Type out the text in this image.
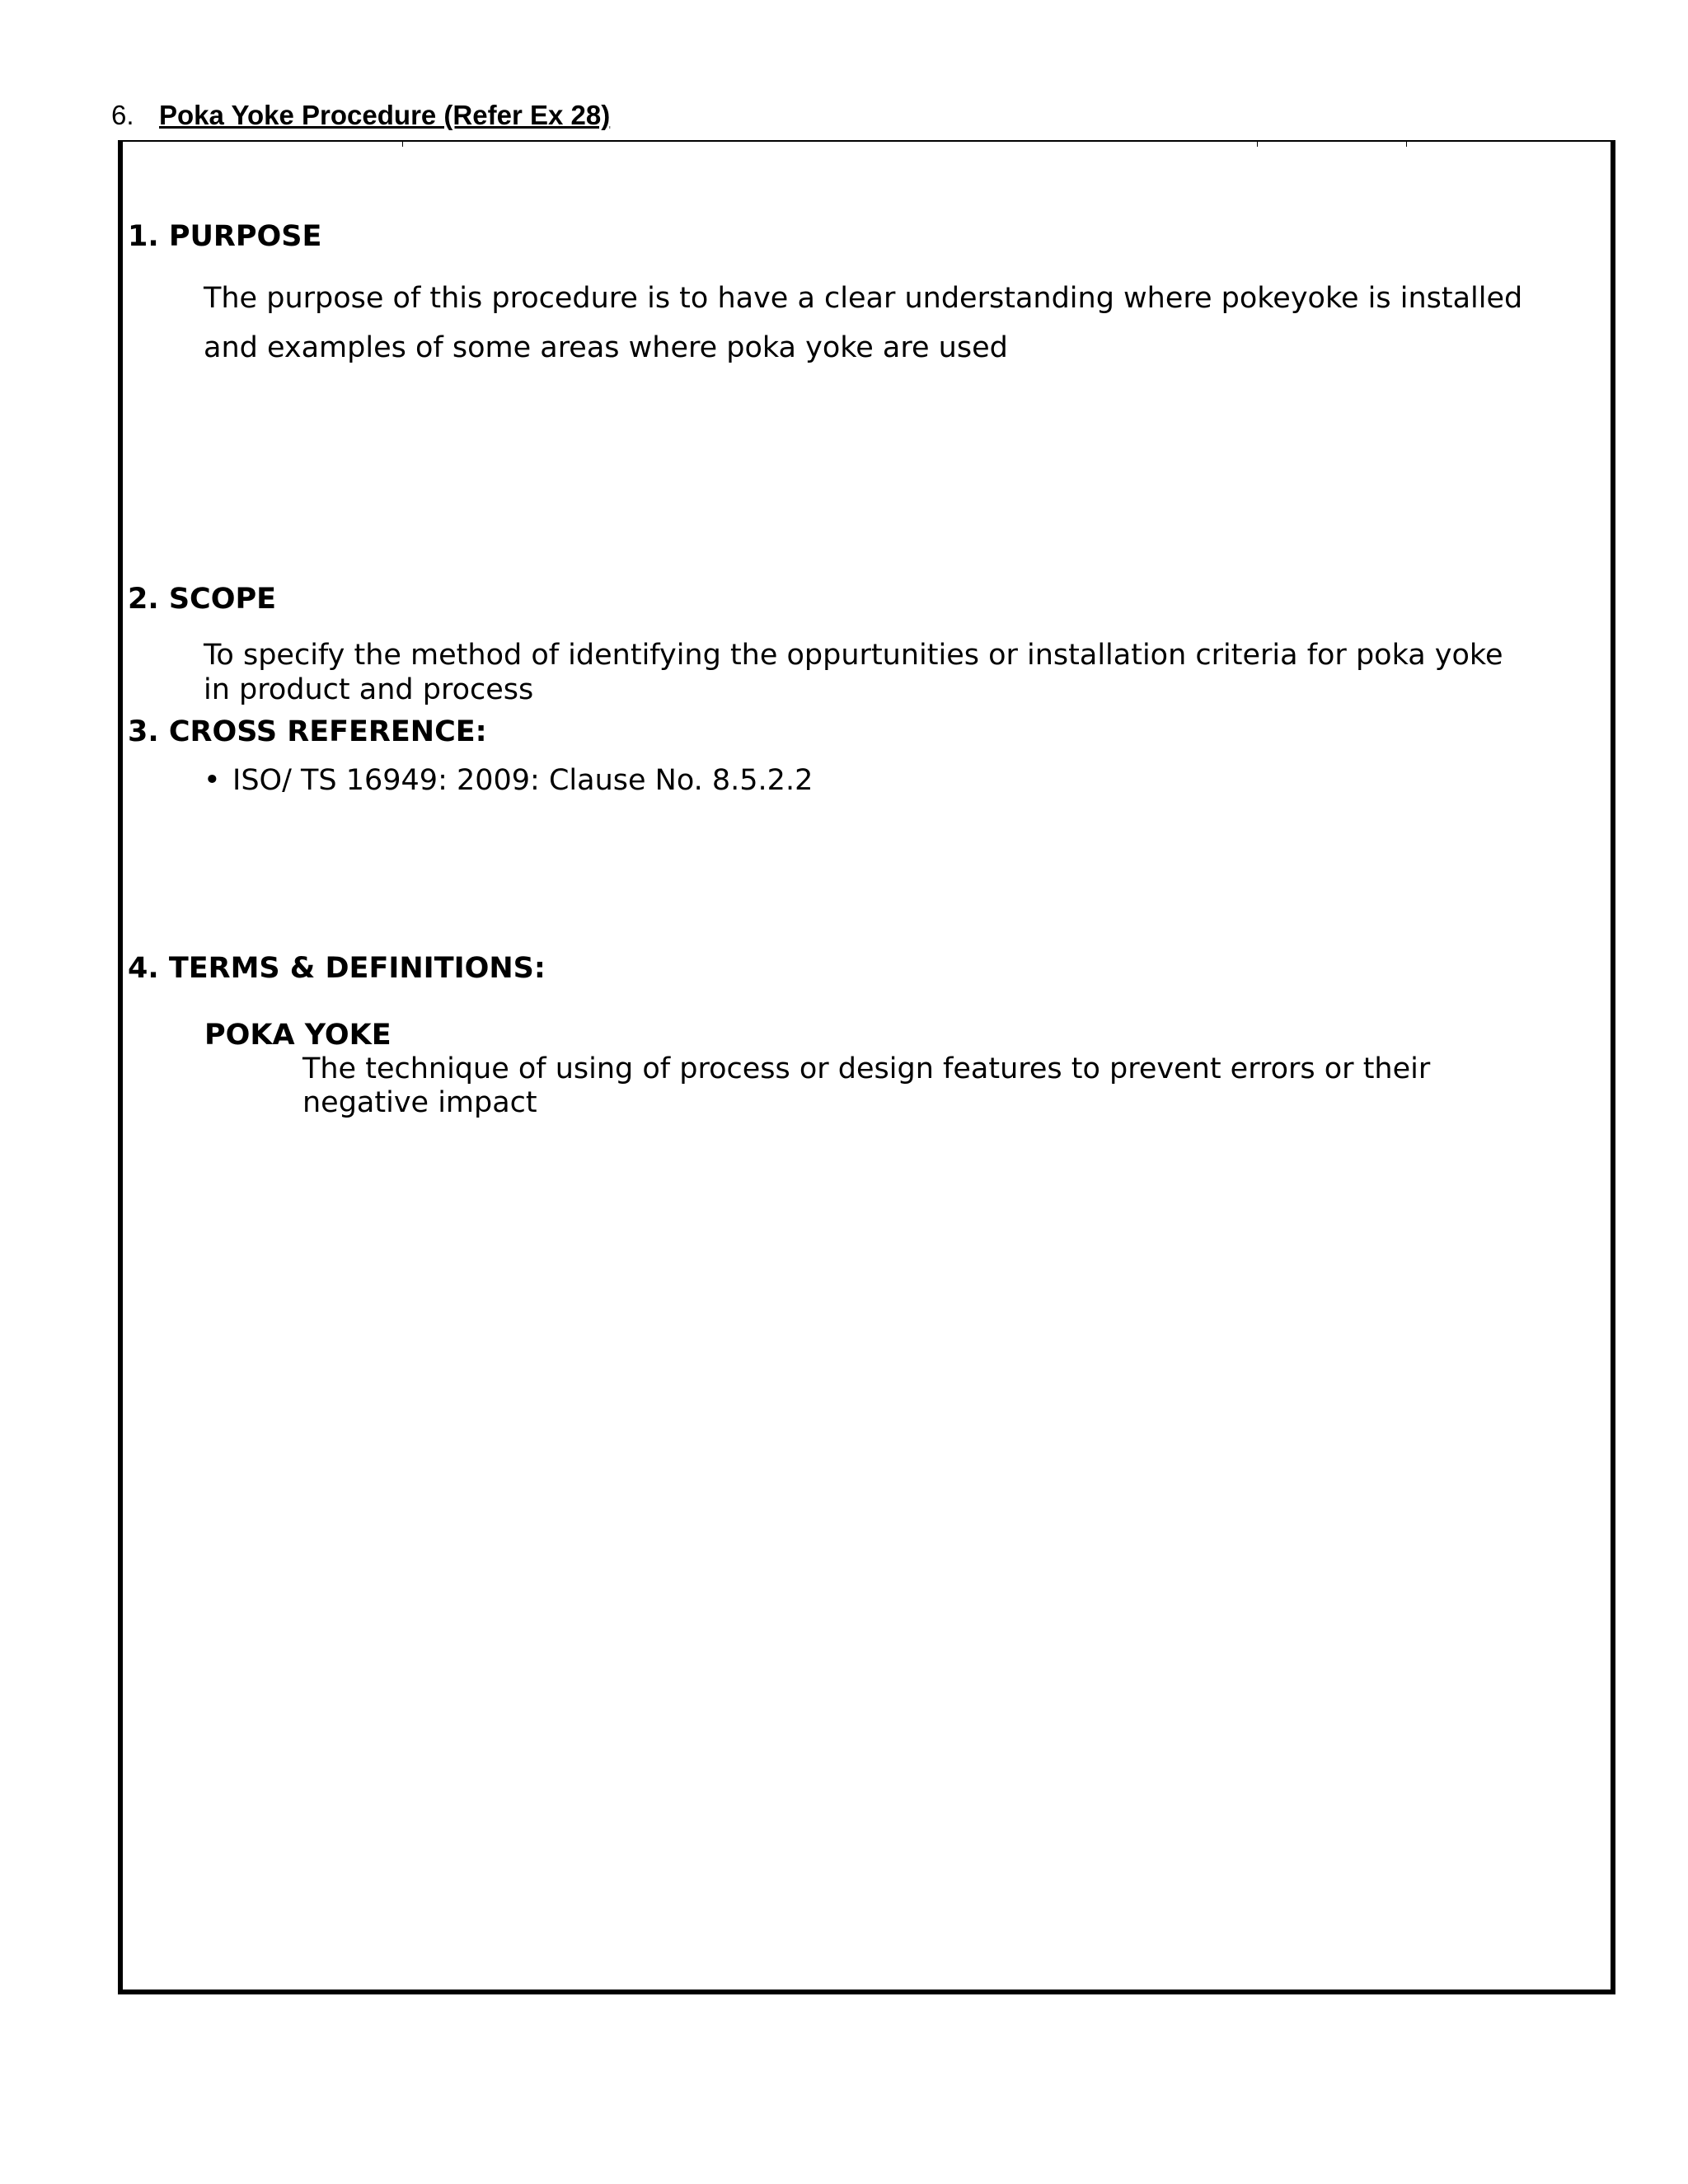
6. Poka Yoke Procedure (Refer Ex 28)
1. PURPOSE
The purpose of this procedure is to have a clear understanding where pokeyoke is installed
and examples of some areas where poka yoke are used
2. SCOPE
To specify the method of identifying the oppurtunities or installation criteria for poka yoke
in product and process
3. CROSS REFERENCE:
• ISO/ TS 16949: 2009: Clause No. 8.5.2.2
4. TERMS & DEFINITIONS:
POKA YOKE
The technique of using of process or design features to prevent errors or their
negative impact
